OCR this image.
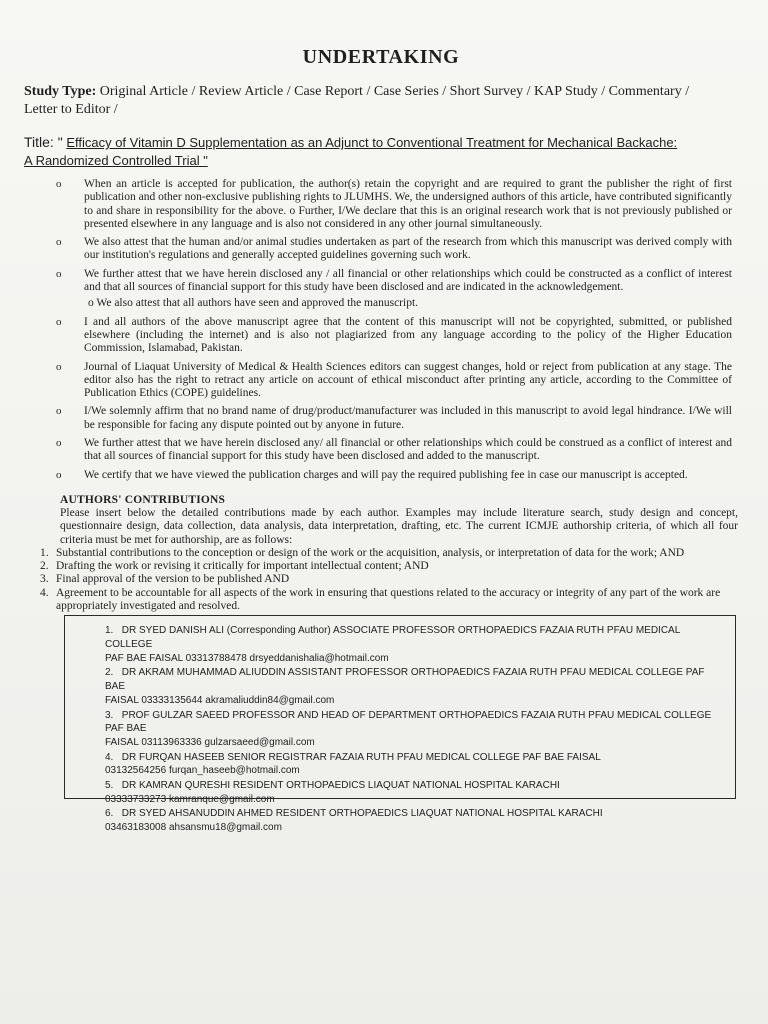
UNDERTAKING
Study Type: Original Article / Review Article / Case Report / Case Series / Short Survey / KAP Study / Commentary / Letter to Editor /
Title: " Efficacy of Vitamin D Supplementation as an Adjunct to Conventional Treatment for Mechanical Backache: A Randomized Controlled Trial "
o When an article is accepted for publication, the author(s) retain the copyright and are required to grant the publisher the right of first publication and other non-exclusive publishing rights to JLUMHS. We, the undersigned authors of this article, have contributed significantly to and share in responsibility for the above. o Further, I/We declare that this is an original research work that is not previously published or presented elsewhere in any language and is also not considered in any other journal simultaneously.
o We also attest that the human and/or animal studies undertaken as part of the research from which this manuscript was derived comply with our institution's regulations and generally accepted guidelines governing such work.
o We further attest that we have herein disclosed any / all financial or other relationships which could be constructed as a conflict of interest and that all sources of financial support for this study have been disclosed and are indicated in the acknowledgement.
o We also attest that all authors have seen and approved the manuscript.
o I and all authors of the above manuscript agree that the content of this manuscript will not be copyrighted, submitted, or published elsewhere (including the internet) and is also not plagiarized from any language according to the policy of the Higher Education Commission, Islamabad, Pakistan.
o Journal of Liaquat University of Medical & Health Sciences editors can suggest changes, hold or reject from publication at any stage. The editor also has the right to retract any article on account of ethical misconduct after printing any article, according to the Committee of Publication Ethics (COPE) guidelines.
o I/We solemnly affirm that no brand name of drug/product/manufacturer was included in this manuscript to avoid legal hindrance. I/We will be responsible for facing any dispute pointed out by anyone in future.
o We further attest that we have herein disclosed any/ all financial or other relationships which could be construed as a conflict of interest and that all sources of financial support for this study have been disclosed and added to the manuscript.
o We certify that we have viewed the publication charges and will pay the required publishing fee in case our manuscript is accepted.
AUTHORS' CONTRIBUTIONS
Please insert below the detailed contributions made by each author. Examples may include literature search, study design and concept, questionnaire design, data collection, data analysis, data interpretation, drafting, etc. The current ICMJE authorship criteria, of which all four criteria must be met for authorship, are as follows:
1. Substantial contributions to the conception or design of the work or the acquisition, analysis, or interpretation of data for the work; AND
2. Drafting the work or revising it critically for important intellectual content; AND
3. Final approval of the version to be published AND
4. Agreement to be accountable for all aspects of the work in ensuring that questions related to the accuracy or integrity of any part of the work are appropriately investigated and resolved.
1. DR SYED DANISH ALI (Corresponding Author) ASSOCIATE PROFESSOR ORTHOPAEDICS FAZAIA RUTH PFAU MEDICAL COLLEGE
PAF BAE FAISAL 03313788478 drsyeddanishalia@hotmail.com
2. DR AKRAM MUHAMMAD ALIUDDIN ASSISTANT PROFESSOR ORTHOPAEDICS FAZAIA RUTH PFAU MEDICAL COLLEGE PAF BAE
FAISAL 03333135644 akramaliuddin84@gmail.com
3. PROF GULZAR SAEED PROFESSOR AND HEAD OF DEPARTMENT ORTHOPAEDICS FAZAIA RUTH PFAU MEDICAL COLLEGE PAF BAE
FAISAL 03113963336 gulzarsaeed@gmail.com
4. DR FURQAN HASEEB SENIOR REGISTRAR FAZAIA RUTH PFAU MEDICAL COLLEGE PAF BAE FAISAL
03132564256 furqan_haseeb@hotmail.com
5. DR KAMRAN QURESHI RESIDENT ORTHOPAEDICS LIAQUAT NATIONAL HOSPITAL KARACHI
03333733273 kamranque@gmail.com
6. DR SYED AHSANUDDIN AHMED RESIDENT ORTHOPAEDICS LIAQUAT NATIONAL HOSPITAL KARACHI
03463183008 ahsansmu18@gmail.com
